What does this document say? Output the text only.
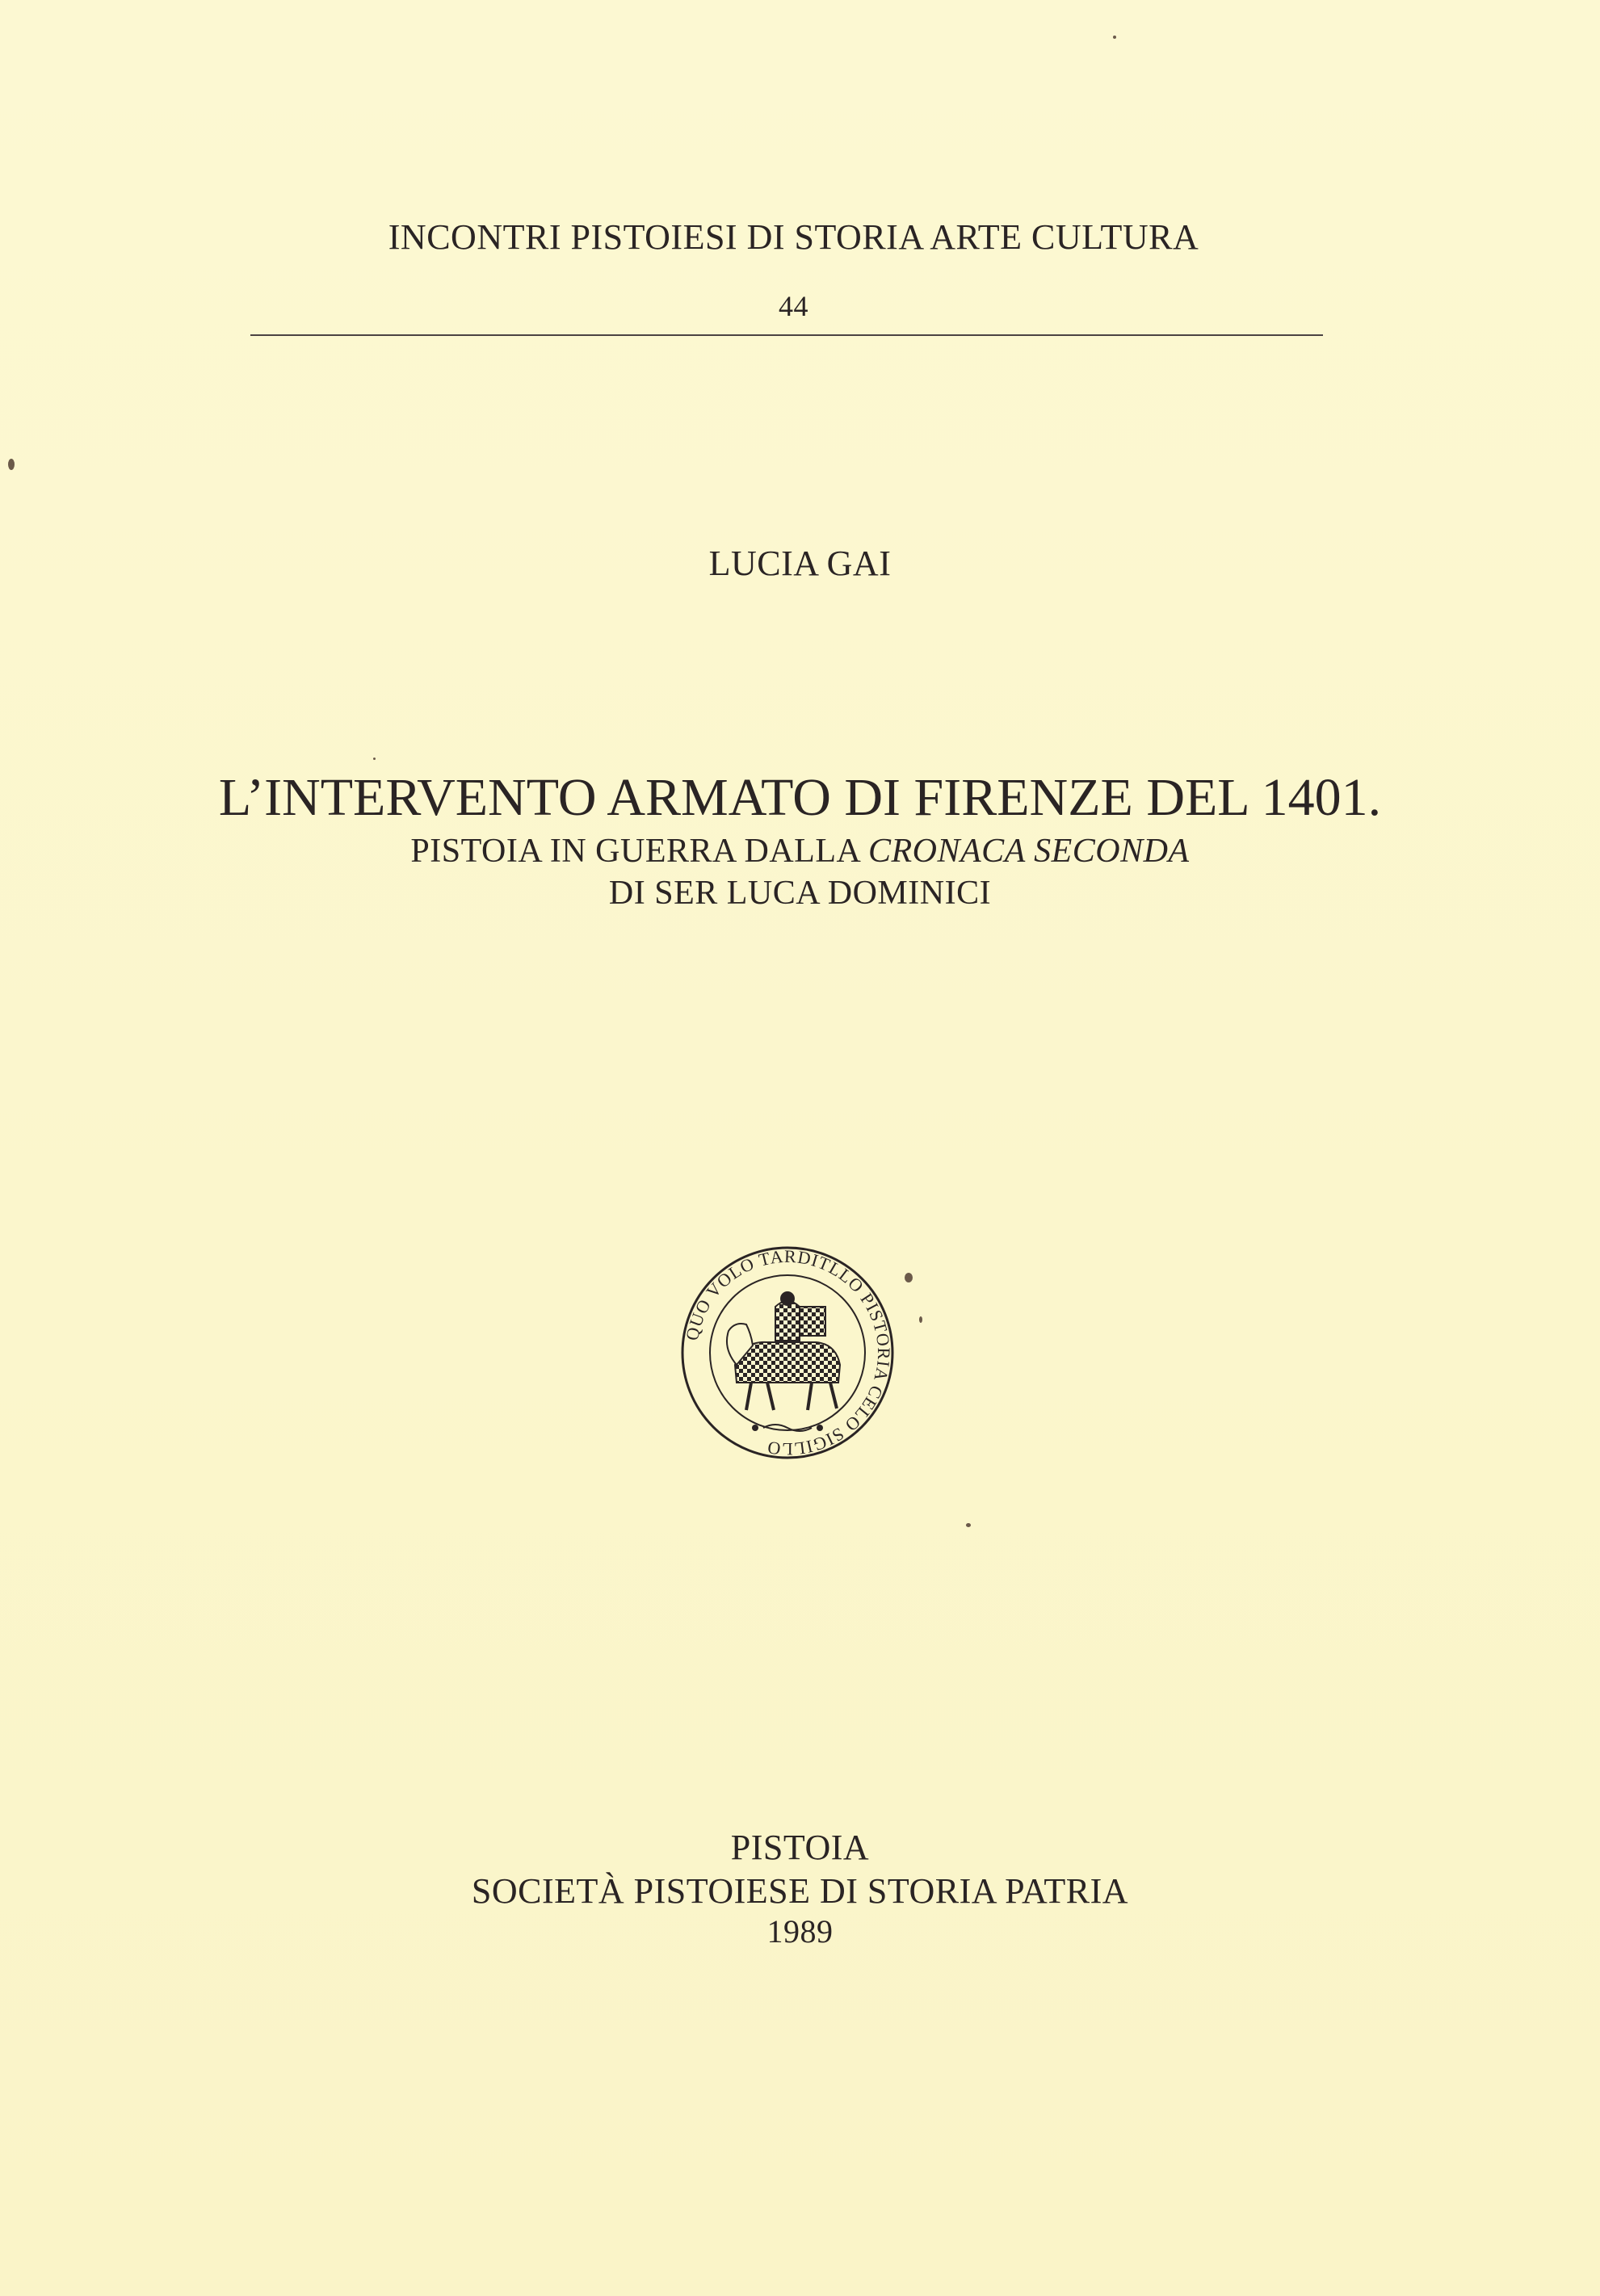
INCONTRI PISTOIESI DI STORIA ARTE CULTURA
44
LUCIA GAI
L’INTERVENTO ARMATO DI FIRENZE DEL 1401.
PISTOIA IN GUERRA DALLA CRONACA SECONDA
DI SER LUCA DOMINICI
QUO VOLO TARDITLLO PISTORIA CELO SIGILLO
PISTOIA
SOCIETÀ PISTOIESE DI STORIA PATRIA
1989
